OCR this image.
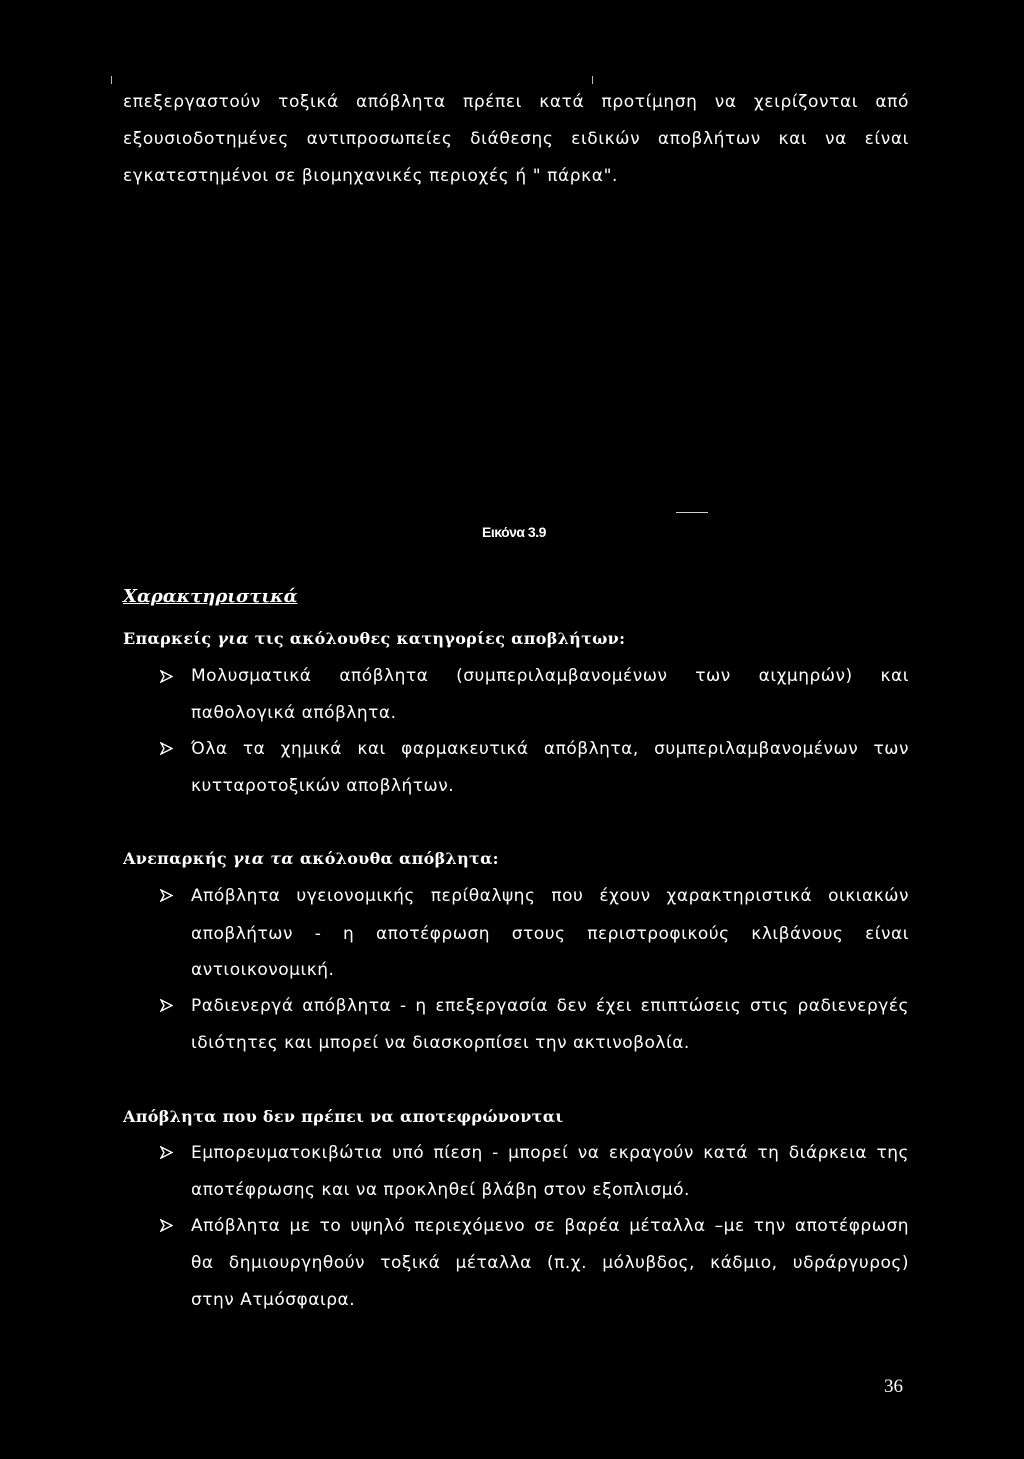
επεξεργαστούν τοξικά απόβλητα πρέπει κατά προτίμηση να χειρίζονται από
εξουσιοδοτημένες αντιπροσωπείες διάθεσης ειδικών αποβλήτων και να είναι
εγκατεστημένοι σε βιομηχανικές περιοχές ή " πάρκα".
Εικόνα 3.9
Χαρακτηριστικά
Επαρκείς για τις ακόλουθες κατηγορίες αποβλήτων:
Μολυσματικά απόβλητα (συμπεριλαμβανομένων των αιχμηρών) και
παθολογικά απόβλητα.
Όλα τα χημικά και φαρμακευτικά απόβλητα, συμπεριλαμβανομένων των
κυτταροτοξικών αποβλήτων.
Ανεπαρκής για τα ακόλουθα απόβλητα:
Απόβλητα υγειονομικής περίθαλψης που έχουν χαρακτηριστικά οικιακών
αποβλήτων - η αποτέφρωση στους περιστροφικούς κλιβάνους είναι
αντιοικονομική.
Ραδιενεργά απόβλητα - η επεξεργασία δεν έχει επιπτώσεις στις ραδιενεργές
ιδιότητες και μπορεί να διασκορπίσει την ακτινοβολία.
Απόβλητα που δεν πρέπει να αποτεφρώνονται
Εμπορευματοκιβώτια υπό πίεση - μπορεί να εκραγούν κατά τη διάρκεια της
αποτέφρωσης και να προκληθεί βλάβη στον εξοπλισμό.
Απόβλητα με το υψηλό περιεχόμενο σε βαρέα μέταλλα –με την αποτέφρωση
θα δημιουργηθούν τοξικά μέταλλα (π.χ. μόλυβδος, κάδμιο, υδράργυρος)
στην Ατμόσφαιρα.
36
